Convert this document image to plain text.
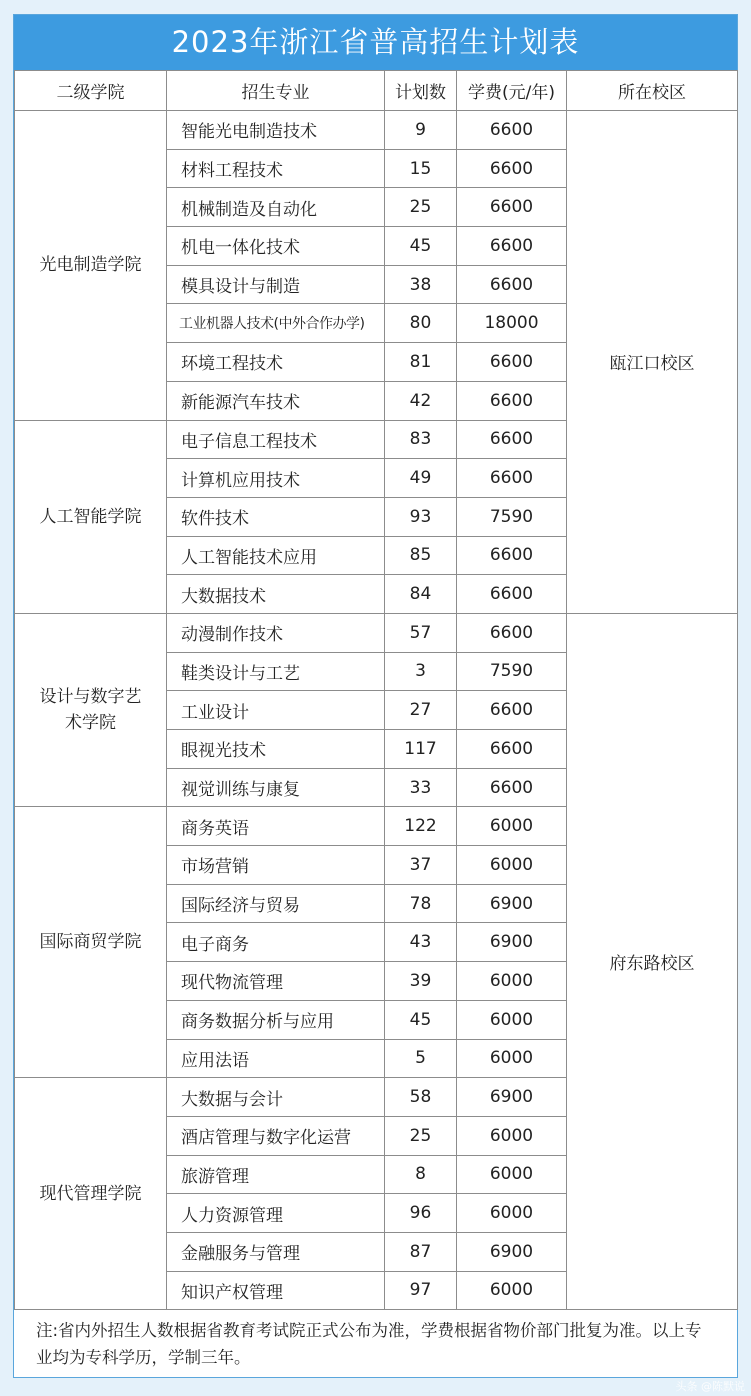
2023年浙江省普高招生计划表
二级学院	招生专业	计划数	学费(元/年)	所在校区
光电制造学院	智能光电制造技术	9	6600	瓯江口校区
	材料工程技术	15	6600	
	机械制造及自动化	25	6600	
	机电一体化技术	45	6600	
	模具设计与制造	38	6600	
	工业机器人技术(中外合作办学)	80	18000	
	环境工程技术	81	6600	
	新能源汽车技术	42	6600	
人工智能学院	电子信息工程技术	83	6600	
	计算机应用技术	49	6600	
	软件技术	93	7590	
	人工智能技术应用	85	6600	
	大数据技术	84	6600	
设计与数字艺术学院	动漫制作技术	57	6600	府东路校区
	鞋类设计与工艺	3	7590	
	工业设计	27	6600	
	眼视光技术	117	6600	
	视觉训练与康复	33	6600	
国际商贸学院	商务英语	122	6000	
	市场营销	37	6000	
	国际经济与贸易	78	6900	
	电子商务	43	6900	
	现代物流管理	39	6000	
	商务数据分析与应用	45	6000	
	应用法语	5	6000	
现代管理学院	大数据与会计	58	6900	
	酒店管理与数字化运营	25	6000	
	旅游管理	8	6000	
	人力资源管理	96	6000	
	金融服务与管理	87	6900	
	知识产权管理	97	6000	
注:省内外招生人数根据省教育考试院正式公布为准，学费根据省物价部门批复为准。以上专业均为专科学历，学制三年。
头条 @陈默说
